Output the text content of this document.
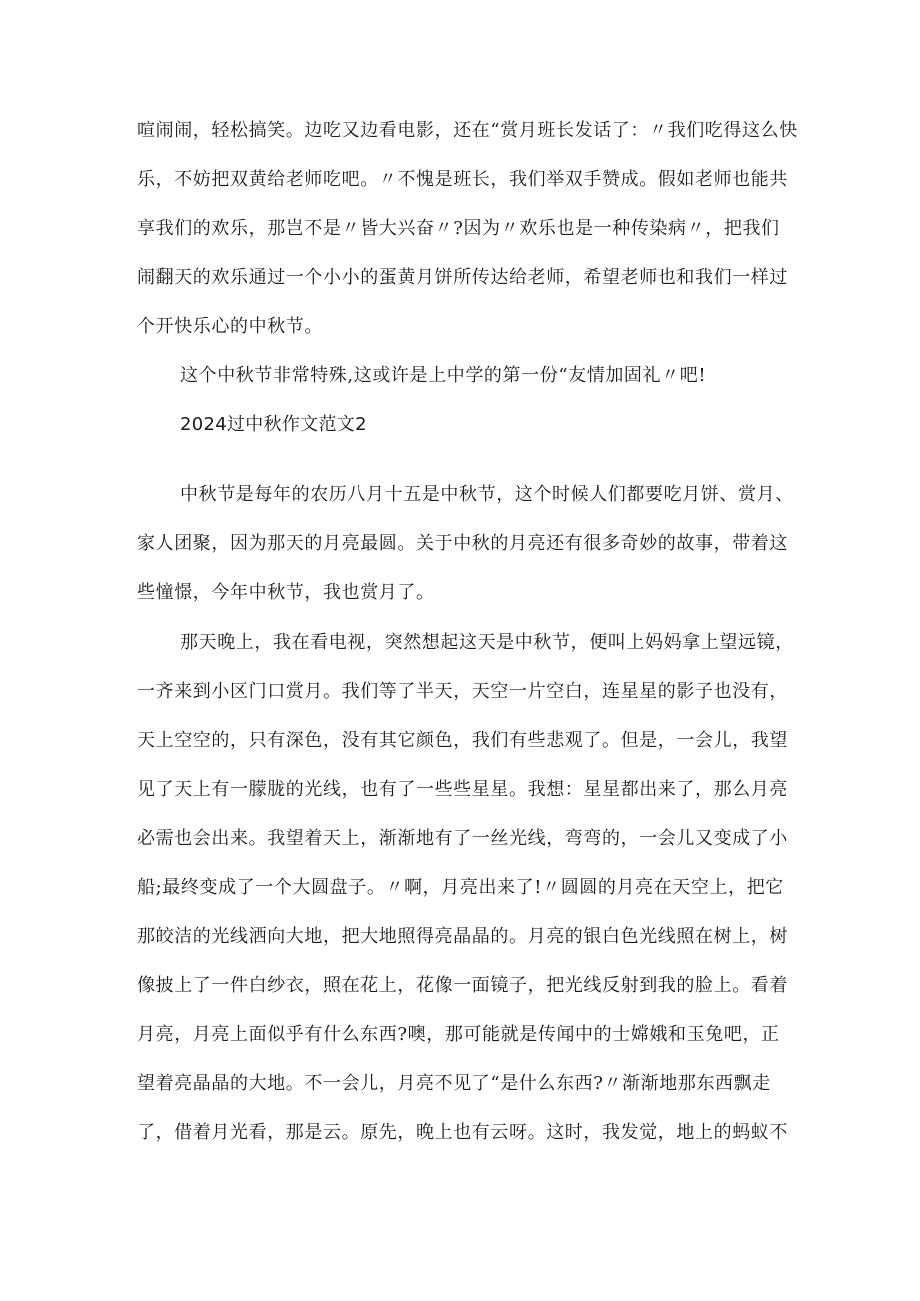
喧闹闹，轻松搞笑。边吃又边看电影，还在“赏月班长发话了：〃我们吃得这么快
乐，不妨把双黄给老师吃吧。〃不愧是班长，我们举双手赞成。假如老师也能共
享我们的欢乐，那岂不是〃皆大兴奋〃?因为〃欢乐也是一种传染病〃，把我们
闹翻天的欢乐通过一个小小的蛋黄月饼所传达给老师，希望老师也和我们一样过
个开快乐心的中秋节。
这个中秋节非常特殊,这或许是上中学的第一份“友情加固礼〃吧!
2024过中秋作文范文2
中秋节是每年的农历八月十五是中秋节，这个时候人们都要吃月饼、赏月、
家人团聚，因为那天的月亮最圆。关于中秋的月亮还有很多奇妙的故事，带着这
些憧憬，今年中秋节，我也赏月了。
那天晚上，我在看电视，突然想起这天是中秋节，便叫上妈妈拿上望远镜，
一齐来到小区门口赏月。我们等了半天，天空一片空白，连星星的影子也没有，
天上空空的，只有深色，没有其它颜色，我们有些悲观了。但是，一会儿，我望
见了天上有一朦胧的光线，也有了一些些星星。我想：星星都出来了，那么月亮
必需也会出来。我望着天上，渐渐地有了一丝光线，弯弯的，一会儿又变成了小
船;最终变成了一个大圆盘子。〃啊，月亮出来了!〃圆圆的月亮在天空上，把它
那皎洁的光线洒向大地，把大地照得亮晶晶的。月亮的银白色光线照在树上，树
像披上了一件白纱衣，照在花上，花像一面镜子，把光线反射到我的脸上。看着
月亮，月亮上面似乎有什么东西?噢，那可能就是传闻中的士嫦娥和玉兔吧，正
望着亮晶晶的大地。不一会儿，月亮不见了“是什么东西?〃渐渐地那东西飘走
了，借着月光看，那是云。原先，晚上也有云呀。这时，我发觉，地上的蚂蚁不
